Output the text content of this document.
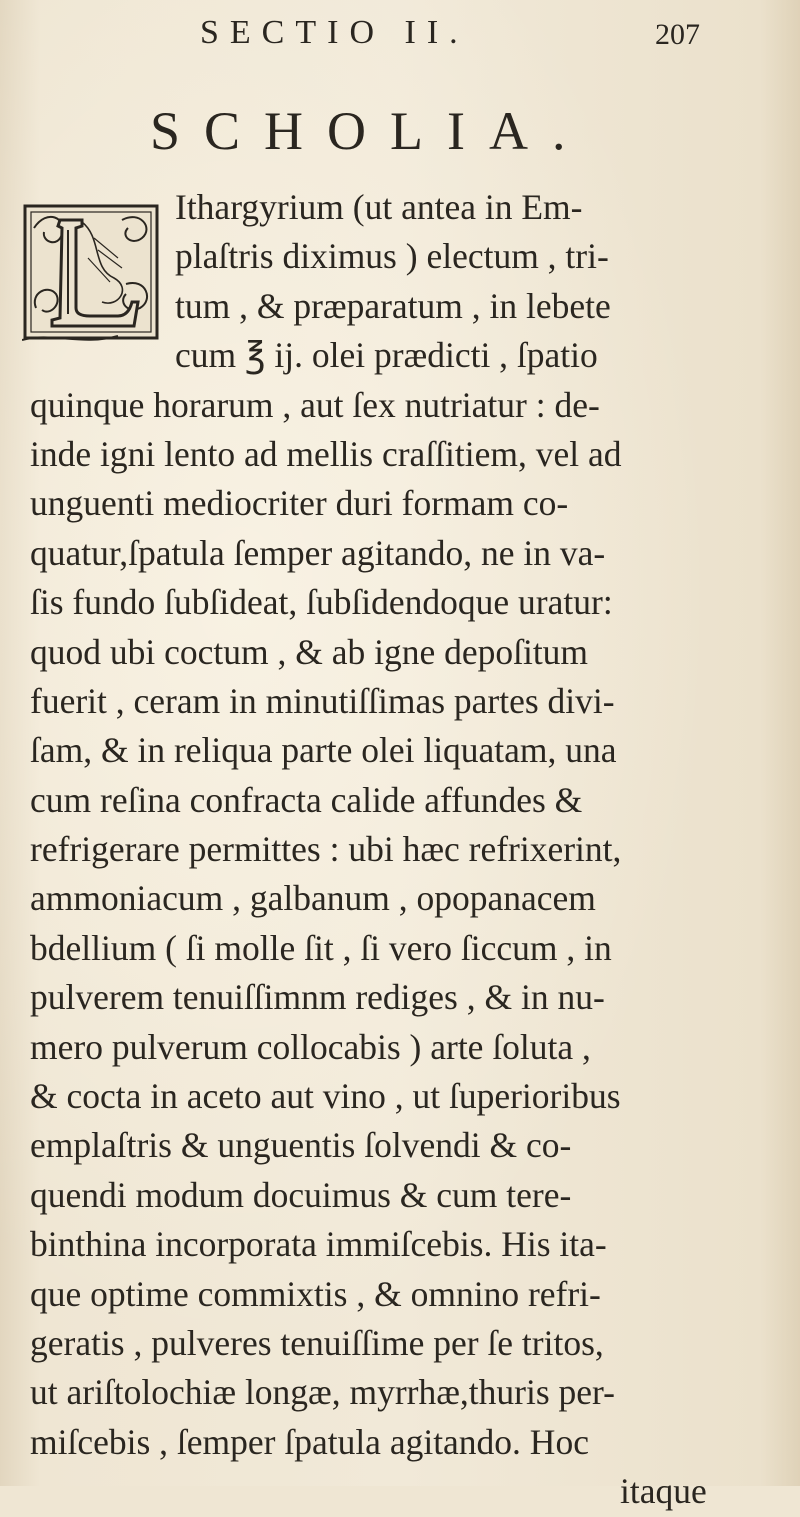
SECTIO II.	207
SCHOLIA.
Ithargyrium (ut antea in Em-
plaſtris diximus ) electum , tri-
tum , & præparatum , in lebete
cum ℥ ij. olei prædicti , ſpatio
quinque horarum , aut ſex nutriatur : de-
inde igni lento ad mellis craſſitiem, vel ad
unguenti mediocriter duri formam co-
quatur,ſpatula ſemper agitando, ne in va-
ſis fundo ſubſideat, ſubſidendoque uratur:
quod ubi coctum , & ab igne depoſitum
fuerit , ceram in minutiſſimas partes divi-
ſam, & in reliqua parte olei liquatam, una
cum reſina confracta calide affundes &
refrigerare permittes : ubi hæc refrixerint,
ammoniacum , galbanum , opopanacem
bdellium ( ſi molle ſit , ſi vero ſiccum , in
pulverem tenuiſſimnm rediges , & in nu-
mero pulverum collocabis ) arte ſoluta ,
& cocta in aceto aut vino , ut ſuperioribus
emplaſtris & unguentis ſolvendi & co-
quendi modum docuimus & cum tere-
binthina incorporata immiſcebis. His ita-
que optime commixtis , & omnino refri-
geratis , pulveres tenuiſſime per ſe tritos,
ut ariſtolochiæ longæ, myrrhæ,thuris per-
miſcebis , ſemper ſpatula agitando. Hoc
itaque
